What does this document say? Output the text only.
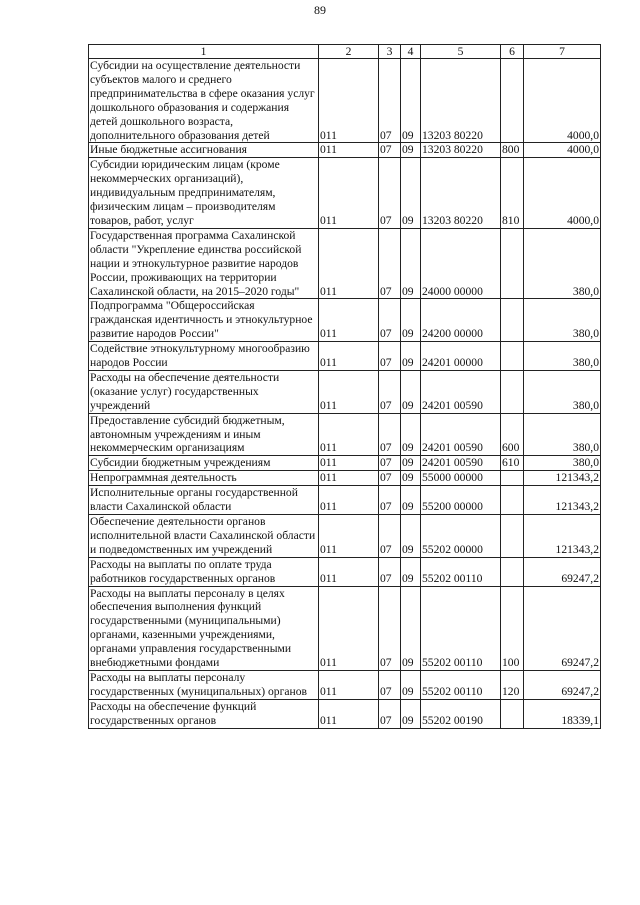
89
1	2	3	4	5	6	7
Субсидии на осуществление деятельности субъектов малого и среднего предпринимательства в сфере оказания услуг дошкольного образования и содержания детей дошкольного возраста, дополнительного образования детей	011	07	09	13203 80220		4000,0
Иные бюджетные ассигнования	011	07	09	13203 80220	800	4000,0
Субсидии юридическим лицам (кроме некоммерческих организаций), индивидуальным предпринимателям, физическим лицам – производителям товаров, работ, услуг	011	07	09	13203 80220	810	4000,0
Государственная программа Сахалинской области "Укрепление единства российской нации и этнокультурное развитие народов России, проживающих на территории Сахалинской области, на 2015–2020 годы"	011	07	09	24000 00000		380,0
Подпрограмма "Общероссийская гражданская идентичность и этнокультурное развитие народов России"	011	07	09	24200 00000		380,0
Содействие этнокультурному многообразию народов России	011	07	09	24201 00000		380,0
Расходы на обеспечение деятельности (оказание услуг) государственных учреждений	011	07	09	24201 00590		380,0
Предоставление субсидий бюджетным, автономным учреждениям и иным некоммерческим организациям	011	07	09	24201 00590	600	380,0
Субсидии бюджетным учреждениям	011	07	09	24201 00590	610	380,0
Непрограммная деятельность	011	07	09	55000 00000		121343,2
Исполнительные органы государственной власти Сахалинской области	011	07	09	55200 00000		121343,2
Обеспечение деятельности органов исполнительной власти Сахалинской области и подведомственных им учреждений	011	07	09	55202 00000		121343,2
Расходы на выплаты по оплате труда работников государственных органов	011	07	09	55202 00110		69247,2
Расходы на выплаты персоналу в целях обеспечения выполнения функций государственными (муниципальными) органами, казенными учреждениями, органами управления государственными внебюджетными фондами	011	07	09	55202 00110	100	69247,2
Расходы на выплаты персоналу государственных (муниципальных) органов	011	07	09	55202 00110	120	69247,2
Расходы на обеспечение функций государственных органов	011	07	09	55202 00190		18339,1
